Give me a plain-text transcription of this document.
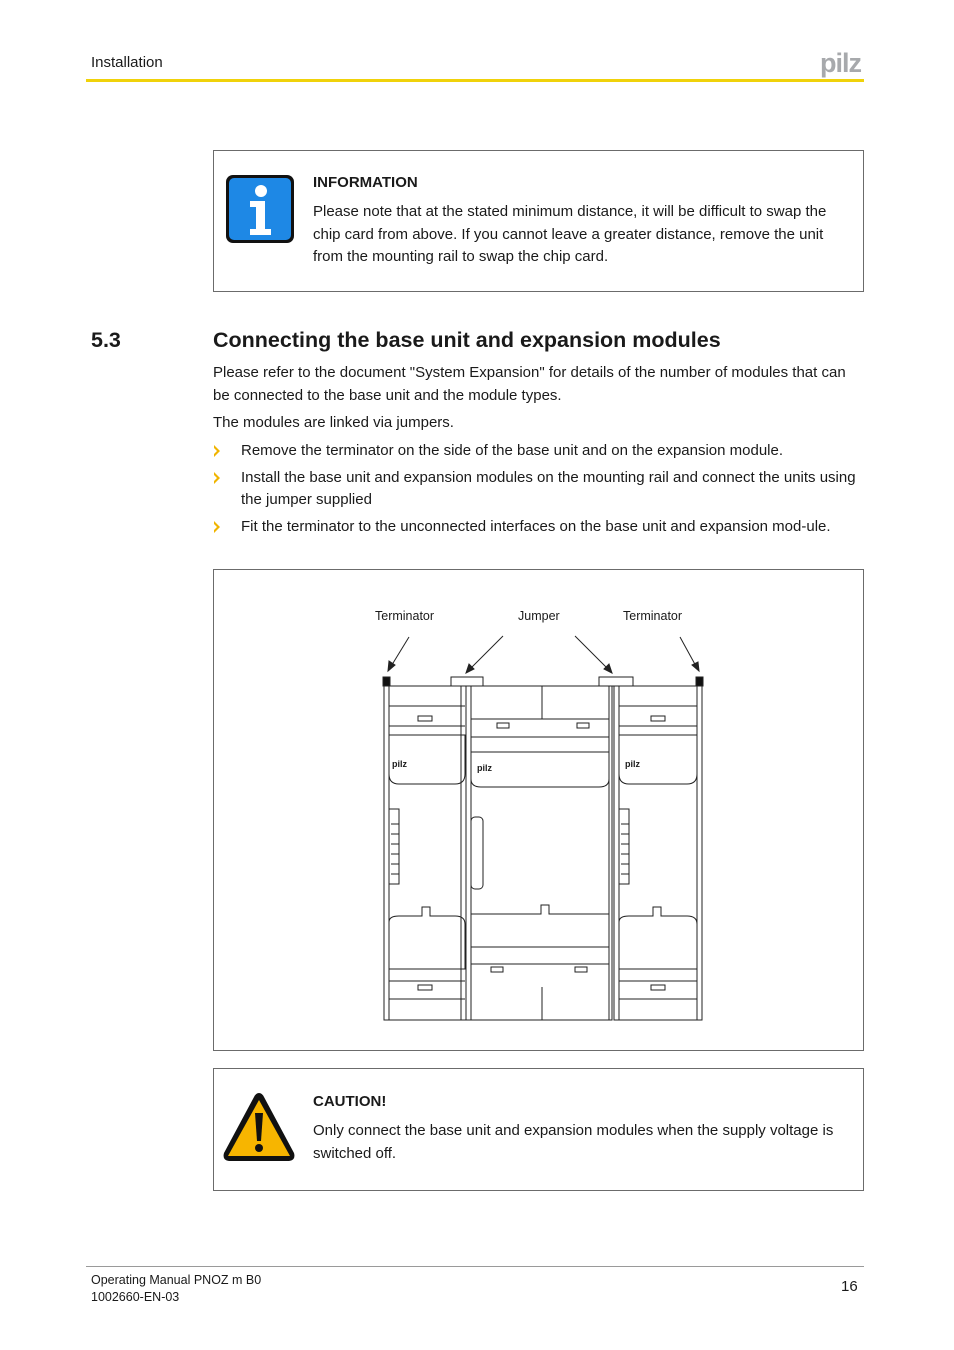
Installation	pilz
INFORMATION
Please note that at the stated minimum distance, it will be difficult to swap the chip card from above. If you cannot leave a greater distance, remove the unit from the mounting rail to swap the chip card.
5.3	Connecting the base unit and expansion modules
Please refer to the document "System Expansion" for details of the number of modules that can be connected to the base unit and the module types.
The modules are linked via jumpers.
Remove the terminator on the side of the base unit and on the expansion module.
Install the base unit and expansion modules on the mounting rail and connect the units using the jumper supplied
Fit the terminator to the unconnected interfaces on the base unit and expansion mod-ule.
Terminator	Jumper	Terminator
pilz	pilz	pilz
CAUTION!
Only connect the base unit and expansion modules when the supply voltage is switched off.
Operating Manual PNOZ m B0
1002660-EN-03
16
